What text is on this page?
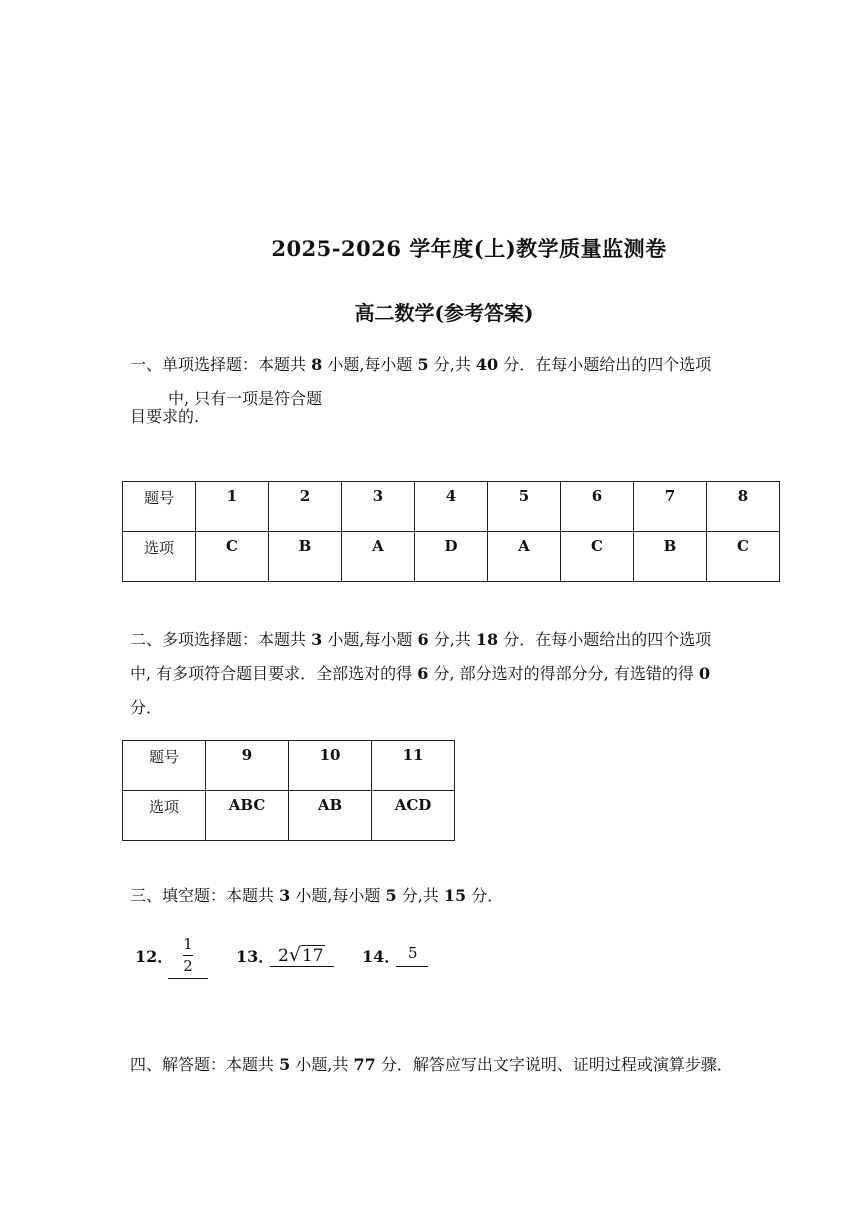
2025-2026 学年度(上)教学质量监测卷
高二数学(参考答案)
一、单项选择题：本题共 8 小题,每小题 5 分,共 40 分．在每小题给出的四个选项
中, 只有一项是符合题
目要求的.
题号	1	2	3	4	5	6	7	8
选项	C	B	A	D	A	C	B	C
二、多项选择题：本题共 3 小题,每小题 6 分,共 18 分．在每小题给出的四个选项
中, 有多项符合题目要求．全部选对的得 6 分, 部分选对的得部分分, 有选错的得 0
分．
题号	9	10	11
选项	ABC	AB	ACD
三、填空题：本题共 3 小题,每小题 5 分,共 15 分．
12．
1
2	13． 2√17 14． 5
四、解答题：本题共 5 小题,共 77 分．解答应写出文字说明、证明过程或演算步骤．
